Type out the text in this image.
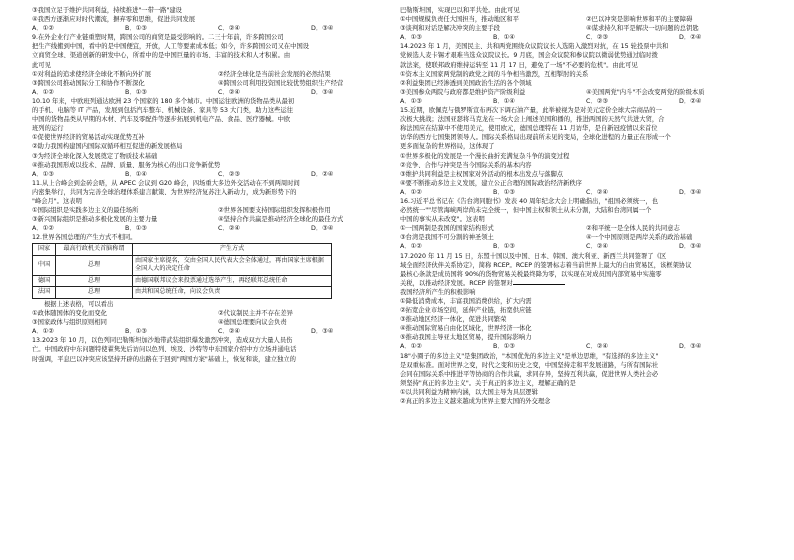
③我国立足于维护共同利益，持续推进"一带一路"建设
④我西方逐渐应对时代潮流，摒弃零和思维，促进共同发展
A．①②	B．①③	C．②④	D．③④
9.在外企业行产业链重塑时期，跨国公司的商贸是最受影响的。二三十年前，许多跨国公司
把生产线搬到中国，看中的是中国便宜，开放，人工等要素成本低；如今，许多跨国公司又在中国设
立商贸全球、渠道创新的研发中心，所看中的是中国巨量的市场、丰富的技术和人才积累。由
此可见
①对利益的追求使经济全球化不断向外扩展	②经济全球化是当前社会发展的必然结果
③跨国公司推动国际分工和协作不断深化	④跨国公司利用投资国比较优势组织生产经营
A．①②	B．①③	C．②④	D．③④
10.10 年来，中欧班列通达欧洲 23 个国家的 180 多个城市。中国运往欧洲的货物品类从最初
的手机、电脑等 IT 产品，发展到包括汽车整车、机械设备、家具等 53 大门类，助力这些运往
中国的货物品类从早期的木材、汽车及零配件等逐步拓展到机电产品、食品、医疗器械。中欧
班列的运行
①促使世界经济的贸易活动实现优势互补
②助力我国构建国内国际双循环相互促进的新发展格局
③为经济全球化深入发展奠定了物质技术基础
④推动我国形成以技术、品牌、质量、服务为核心的出口竞争新优势
A．①③	B．①④	C．②③	D．②④
11.从上合峰会到金砖会晤，从 APEC 会议到 G20 峰会，四场重大多边外交活动在不到两周时间
内密集举行，共同为完善全球治理体系建言献策、为世界经济复苏注入新动力，成为新形势下的
"峰会月"。这表明
①国际组织是实践多边主义的最佳场所	②世界各国要支持国际组织发挥积极作用
③新兴国际组织是推动多极化发展的主要力量	④坚持合作共赢是推动经济全球化的最佳方式
A．①②	B．①③	C．②④	D．③④
12.世界各国总理的产生方式不相同。
国家	最高行政机关首脑称谓	产生方式
中国	总理	由国家主席提名，交由全国人民代表大会全体通过，再由国家主席根据全国人大的决定任命
德国	总理	由德国联邦议会来投票通过选举产生，再经联邦总统任命
法国	总理	由共和国总统任命，向议会负责
根据上述表格，可以看出
①政体随国体的变化而变化	②代议制民主并不存在差异
③国家政体与组织原则相同	④德国总理要向议会负责
A．①②	B．①③	C．②④	D．③④
13.2023 年 10 月，以色列同巴勒斯坦加沙地带武装组织爆发激烈冲突，造成双方大量人员伤
亡。中国政府中东问题特使翟隽先后访问以色列、埃及、沙特等中东国家介绍中方立场并通电话
时强调，平息巴以冲突应该坚持开辟的出路在于回到"两国方案"基础上，恢复和谈，建立独立的
巴勒斯坦国，实现巴以和平共处。由此可见
①中国规模负责任大国担当，推动地区和平	②巴以冲突是影响世界和平的主要障碍
③谈判和对话是解决冲突的主要手段	④谋求持久和平是解决一切问题的总钥匙
A．①③	B．①④	C．②③	D．②④
14.2023 年 1 月，美国民主、共和两党围绕众议院议长人选陷入激烈对抗，在 15 轮投票中共和
党候选人麦卡锡才艰难当选众议院议长。9 月底，国会众议院和参议院以微弱优势通过临时拨
款法案，使联邦政府维持运转至 11 月 17 日，避免了一场"不必要的危机"。由此可见
①资本主义国家两党制的政党之间的斗争相当激烈，互相掣肘的关系
②利益集团已经渗透到美国政治生活的各个领域
③美国参众两院与政府都是维护资产阶级利益	④美国两党"内斗"不会改变两党的阶级本质
A．①③	B．①④	C．②③	D．②④
15.近期，欧佩克与俄罗斯宣布再次下调石油产量，此举被视为是对美元定价全球大宗商品的一
次极大挑战；法国亚瑟将马克龙在一场大会上阐述美国和播的，推进两国的天然气共进大贸，合
称法国应在结算中不使用美元，使用欧元，德国总理特在 11 月访华，是自新冠疫情以来首位
访华的西方七国集团领导人。国际关系格局出现前所未见的变局，全球化进程的力量正在形成一个
更多面复杂的世界格局，这体现了
①世界多极化的发展是一个漫长曲折充满复杂斗争的演变过程
②竞争、合作与冲突是当今国际关系的基本内容
③维护共同利益是主权国家对外活动的根本出发点与落脚点
④要不断推动多边主义发展，建立公正合理的国际政治经济新秩序
A．①②	B．①③	C．②④	D．③④
16.习近平总书记在《告台湾同胞书》发表 40 周年纪念大会上明确指出，"祖国必须统一，也
必然统一""尽管海峡两岸尚未完全统一，但中国主权和领土从未分割，大陆和台湾同属一个
中国的事实从未改变"。这表明
①一国两制是我国的国家结构形式	②和平统一是全体人民的共同意志
③台湾是我国不可分割的神圣领土	④一个中国原则是两岸关系的政治基础
A．①②	B．①③	C．②④	D．③④
17.2020 年 11 月 15 日，东盟十国以及中国、日本、韩国、澳大利亚、新西兰共同签署了《区
域全面经济伙伴关系协定》，简称 RCEP。RCEP 的签署标志着当前世界上最大的自由贸易区，该框架协议
最核心条款是成员国将 90%的货物贸易关税最终降为零，以实现在对成员国内部贸易中实施零
关税，以推动经济发展。RCEP 的签署对
我国经济所产生的积极影响
①降低消费成本，丰富我国消费供给，扩大内需
②拓宽企业市场空间，延伸产业链，拓宽供应链
③推动地区经济一体化，促进共同繁荣
④推动国际贸易自由化区域化，世界经济一体化
⑤推动我国主导亚太地区贸易，提升国际影响力
A．①②	B．①③	C．②④	D．③④
18"小圈子的多边主义"是集团政治，"本国优先的多边主义"是单边思维，"有选择的多边主义"
是双重标准。面对世界之变，时代之变和历史之变，中国坚持走和平发展道路，与所有国际社
会同在国际关系中推进平等协商的合作共赢，求同存异，坚持互利共赢，促进世界人类社会必
须坚持"真正的多边主义"。关于真正的多边主义，理解正确的是
①以共同利益为精神内涵，以大国主导为具层逻辑
②真正的多边主义越来越成为世界主要大国的外交理念
